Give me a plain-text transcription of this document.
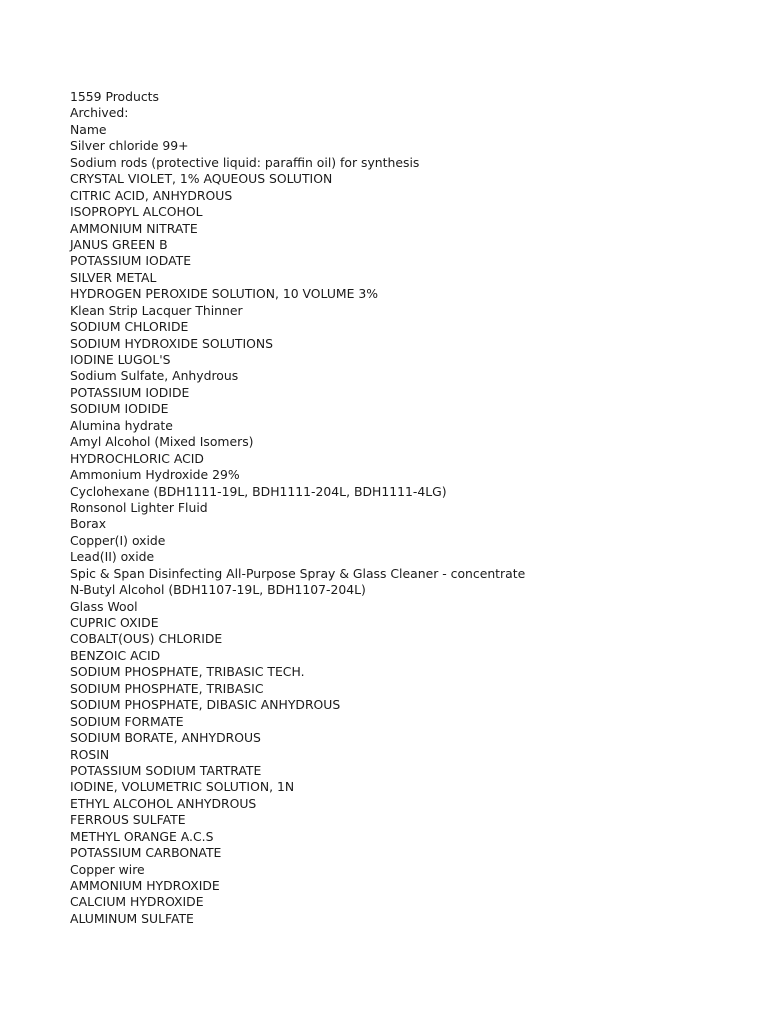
1559 Products
Archived:
Name
Silver chloride 99+
Sodium rods (protective liquid: paraffin oil) for synthesis
CRYSTAL VIOLET, 1% AQUEOUS SOLUTION
CITRIC ACID, ANHYDROUS
ISOPROPYL ALCOHOL
AMMONIUM NITRATE
JANUS GREEN B
POTASSIUM IODATE
SILVER METAL
HYDROGEN PEROXIDE SOLUTION, 10 VOLUME 3%
Klean Strip Lacquer Thinner
SODIUM CHLORIDE
SODIUM HYDROXIDE SOLUTIONS
IODINE LUGOL'S
Sodium Sulfate, Anhydrous
POTASSIUM IODIDE
SODIUM IODIDE
Alumina hydrate
Amyl Alcohol (Mixed Isomers)
HYDROCHLORIC ACID
Ammonium Hydroxide 29%
Cyclohexane (BDH1111-19L, BDH1111-204L, BDH1111-4LG)
Ronsonol Lighter Fluid
Borax
Copper(I) oxide
Lead(II) oxide
Spic & Span Disinfecting All-Purpose Spray & Glass Cleaner - concentrate
N-Butyl Alcohol (BDH1107-19L, BDH1107-204L)
Glass Wool
CUPRIC OXIDE
COBALT(OUS) CHLORIDE
BENZOIC ACID
SODIUM PHOSPHATE, TRIBASIC TECH.
SODIUM PHOSPHATE, TRIBASIC
SODIUM PHOSPHATE, DIBASIC ANHYDROUS
SODIUM FORMATE
SODIUM BORATE, ANHYDROUS
ROSIN
POTASSIUM SODIUM TARTRATE
IODINE, VOLUMETRIC SOLUTION, 1N
ETHYL ALCOHOL ANHYDROUS
FERROUS SULFATE
METHYL ORANGE A.C.S
POTASSIUM CARBONATE
Copper wire
AMMONIUM HYDROXIDE
CALCIUM HYDROXIDE
ALUMINUM SULFATE
